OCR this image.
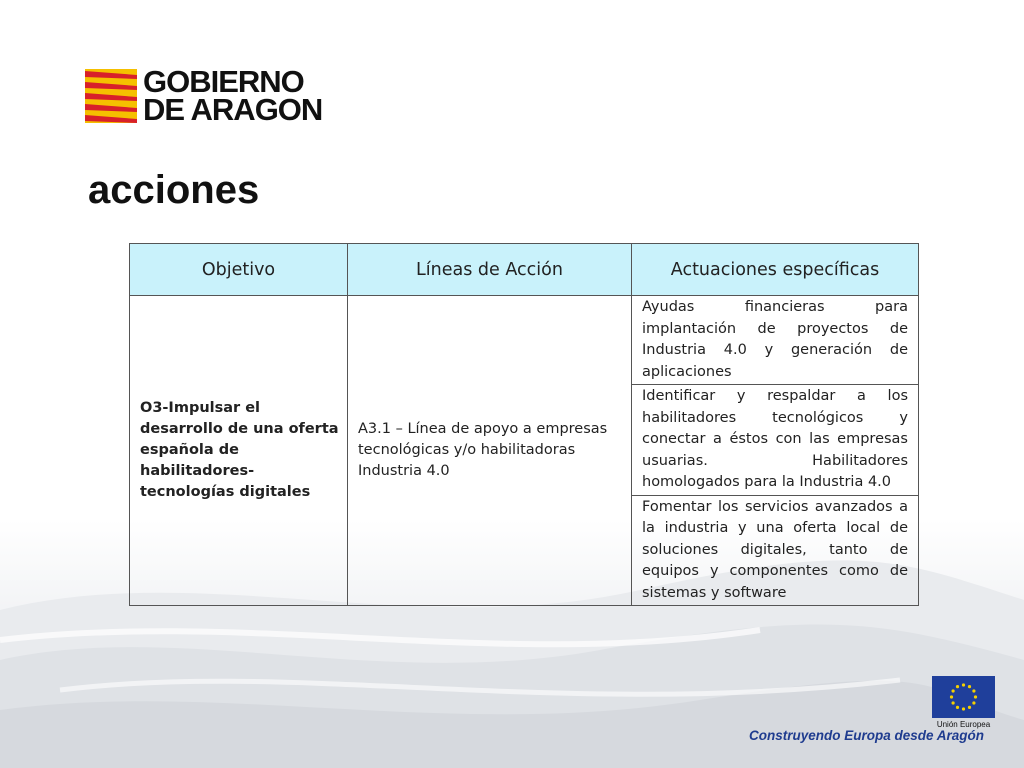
GOBIERNO
DE ARAGON
acciones
Objetivo	Líneas de Acción	Actuaciones específicas
O3-Impulsar el desarrollo de una oferta española de habilitadores-tecnologías digitales	A3.1 – Línea de apoyo a empresas tecnológicas y/o habilitadoras Industria 4.0	Ayudas financieras para implantación de proyectos de Industria 4.0 y generación de aplicaciones
Identificar y respaldar a los habilitadores tecnológicos y conectar a éstos con las empresas usuarias. Habilitadores homologados para la Industria 4.0
Fomentar los servicios avanzados a la industria y una oferta local de soluciones digitales, tanto de equipos y componentes como de sistemas y software
Unión Europea

Construyendo Europa desde Aragón
